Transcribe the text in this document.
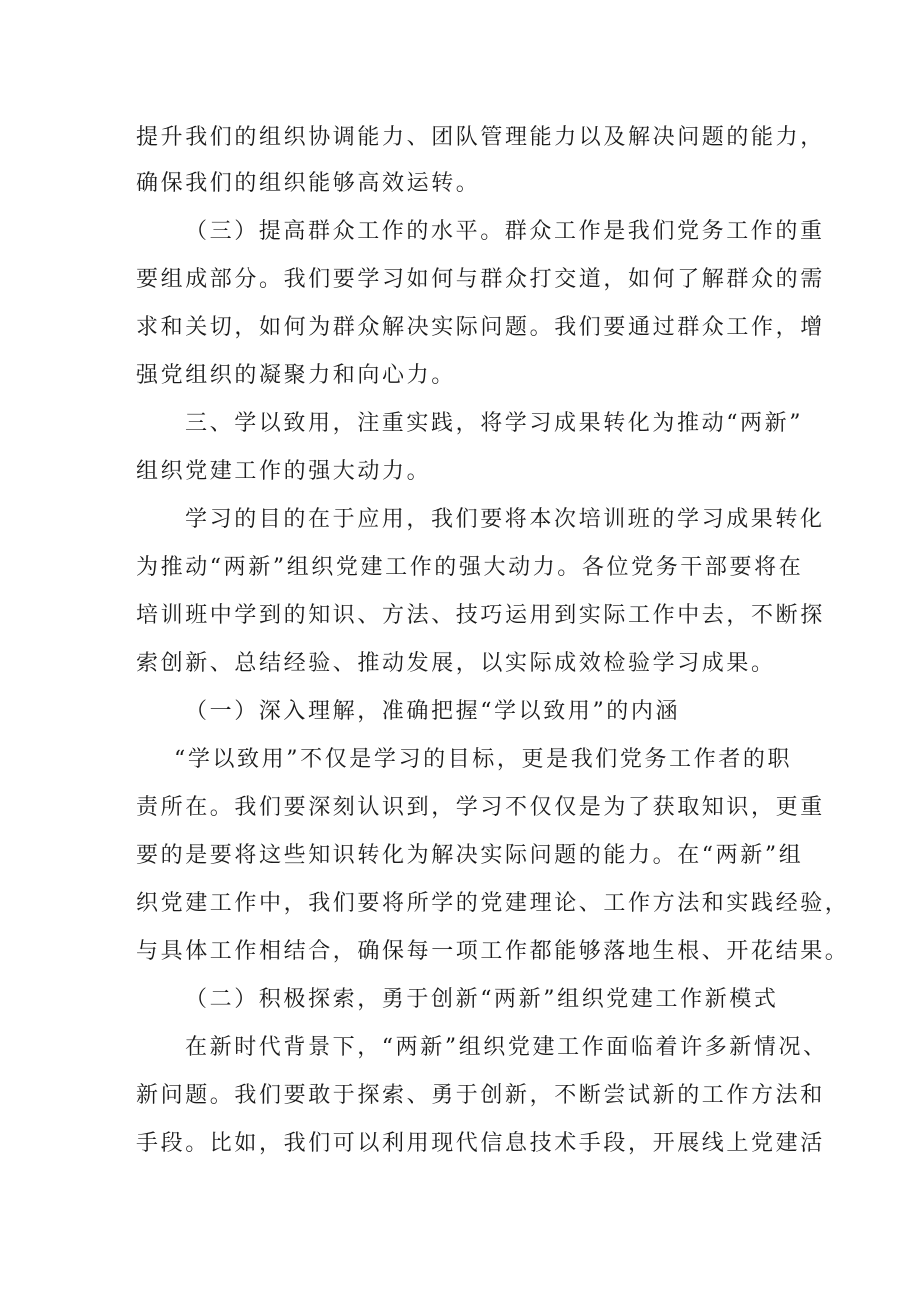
提升我们的组织协调能力、团队管理能力以及解决问题的能力，
确保我们的组织能够高效运转。
（三）提高群众工作的水平。群众工作是我们党务工作的重
要组成部分。我们要学习如何与群众打交道，如何了解群众的需
求和关切，如何为群众解决实际问题。我们要通过群众工作，增
强党组织的凝聚力和向心力。
三、学以致用，注重实践，将学习成果转化为推动“两新”
组织党建工作的强大动力。
学习的目的在于应用，我们要将本次培训班的学习成果转化
为推动“两新”组织党建工作的强大动力。各位党务干部要将在
培训班中学到的知识、方法、技巧运用到实际工作中去，不断探
索创新、总结经验、推动发展，以实际成效检验学习成果。
（一）深入理解，准确把握“学以致用”的内涵
“学以致用”不仅是学习的目标，更是我们党务工作者的职
责所在。我们要深刻认识到，学习不仅仅是为了获取知识，更重
要的是要将这些知识转化为解决实际问题的能力。在“两新”组
织党建工作中，我们要将所学的党建理论、工作方法和实践经验，
与具体工作相结合，确保每一项工作都能够落地生根、开花结果。
（二）积极探索，勇于创新“两新”组织党建工作新模式
在新时代背景下，“两新”组织党建工作面临着许多新情况、
新问题。我们要敢于探索、勇于创新，不断尝试新的工作方法和
手段。比如，我们可以利用现代信息技术手段，开展线上党建活
